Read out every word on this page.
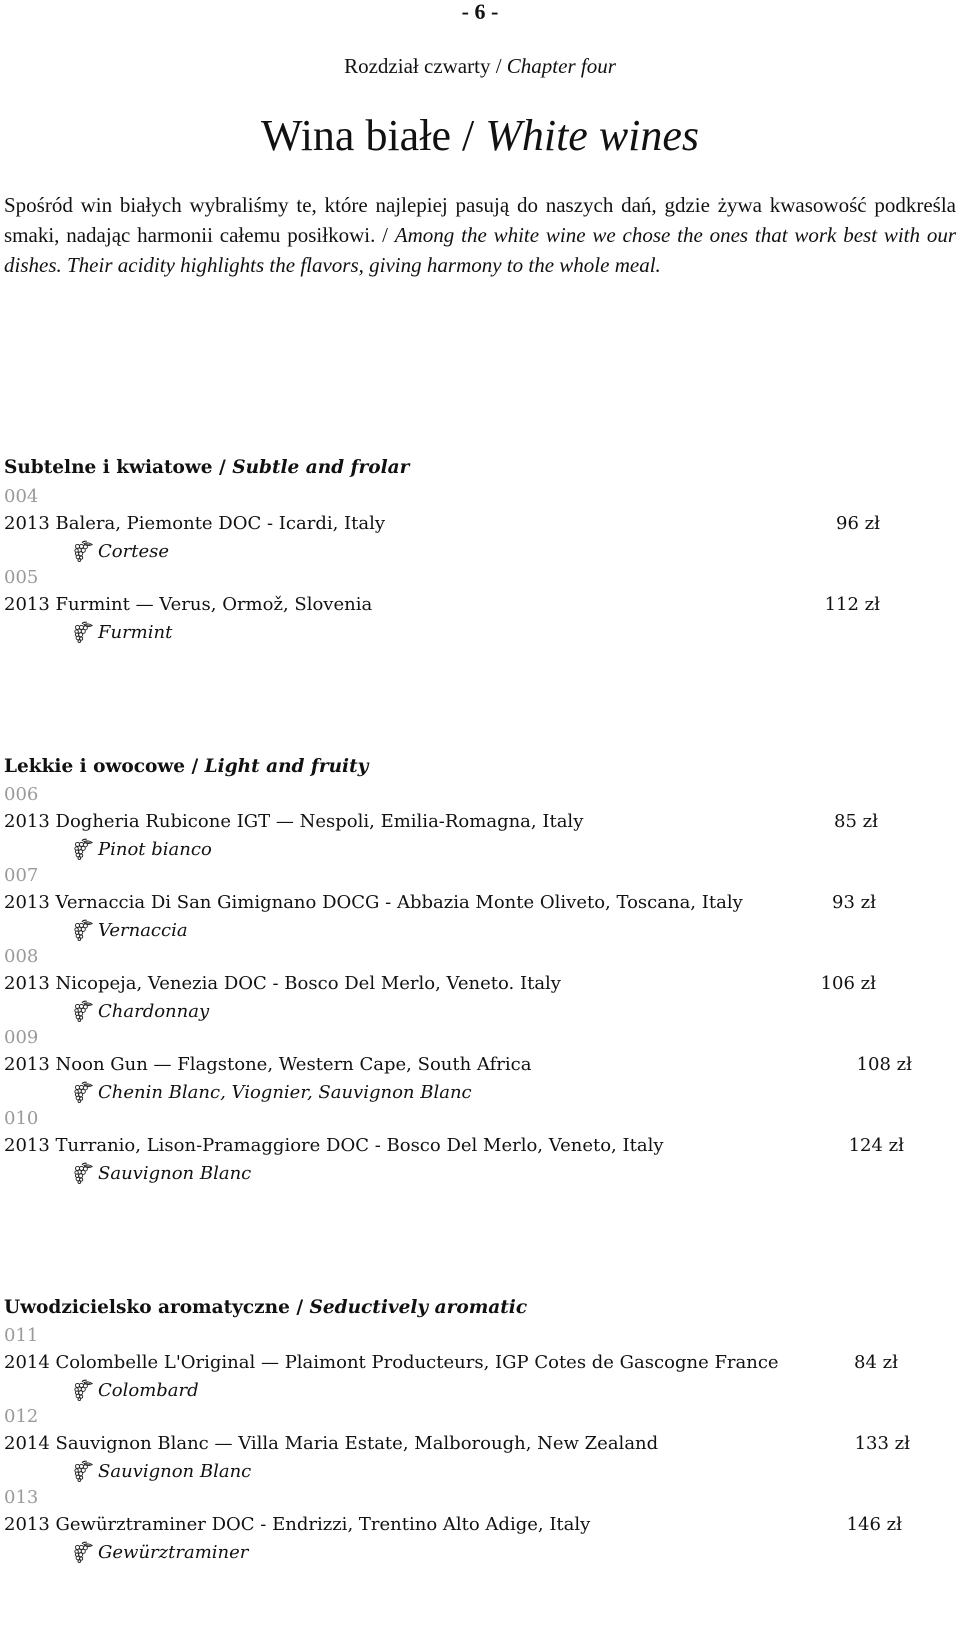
- 6 -
Rozdział czwarty / Chapter four
Wina białe / White wines
Spośród win białych wybraliśmy te, które najlepiej pasują do naszych dań, gdzie żywa kwasowość podkreśla smaki, nadając harmonii całemu posiłkowi. / Among the white wine we chose the ones that work best with our dishes. Their acidity highlights the flavors, giving harmony to the whole meal.
Subtelne i kwiatowe / Subtle and frolar
004
2013 Balera, Piemonte DOC - Icardi, Italy	96 zł
Cortese
005
2013 Furmint — Verus, Ormož, Slovenia	112 zł
Furmint
Lekkie i owocowe / Light and fruity
006
2013 Dogheria Rubicone IGT — Nespoli, Emilia-Romagna, Italy	85 zł
Pinot bianco
007
2013 Vernaccia Di San Gimignano DOCG - Abbazia Monte Oliveto, Toscana, Italy	93 zł
Vernaccia
008
2013 Nicopeja, Venezia DOC - Bosco Del Merlo, Veneto. Italy	106 zł
Chardonnay
009
2013 Noon Gun — Flagstone, Western Cape, South Africa	108 zł
Chenin Blanc, Viognier, Sauvignon Blanc
010
2013 Turranio, Lison-Pramaggiore DOC - Bosco Del Merlo, Veneto, Italy	124 zł
Sauvignon Blanc
Uwodzicielsko aromatyczne / Seductively aromatic
011
2014 Colombelle L'Original — Plaimont Producteurs, IGP Cotes de Gascogne France	84 zł
Colombard
012
2014 Sauvignon Blanc — Villa Maria Estate, Malborough, New Zealand	133 zł
Sauvignon Blanc
013
2013 Gewürztraminer DOC - Endrizzi, Trentino Alto Adige, Italy	146 zł
Gewürztraminer
